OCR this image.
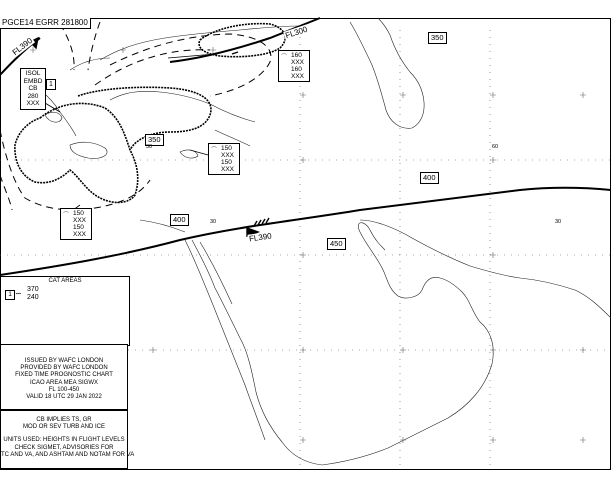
PGCE14 EGRR 281800
FL300
FL390
FL390	350
350
400
400
450
1
ISOL
EMBD
CB
280
XXX
⌒ 160
XXX
160
XXX
⌒ 150
XXX
150
XXX
⌒ 150
XXX
150
XXX
30
30	30
60
CAT AREAS
1 ∽ 370
240
ISSUED BY WAFC LONDON
PROVIDED BY WAFC LONDON
FIXED TIME PROGNOSTIC CHART
ICAO AREA MEA SIGWX
FL 100-450
VALID 18 UTC 29 JAN 2022
CB IMPLIES TS, GR
MOD OR SEV TURB AND ICE
UNITS USED: HEIGHTS IN FLIGHT LEVELS
CHECK SIGMET, ADVISORIES FOR
TC AND VA, AND ASHTAM AND NOTAM FOR VA
